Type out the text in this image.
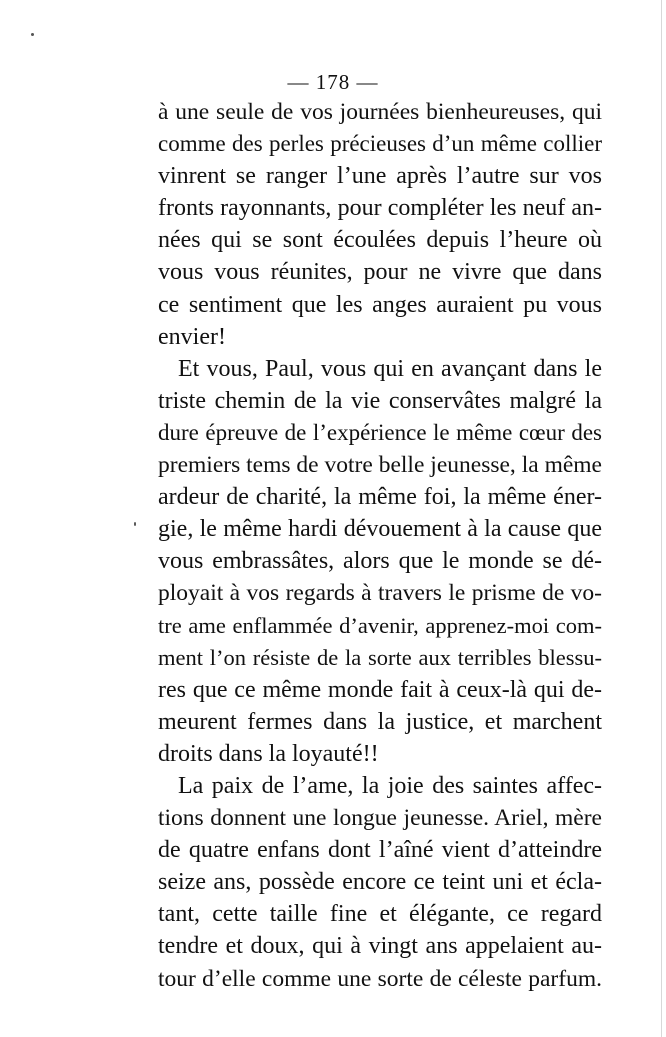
— 178 —
à une seule de vos journées bienheureuses, qui
comme des perles précieuses d’un même collier
vinrent se ranger l’une après l’autre sur vos
fronts rayonnants, pour compléter les neuf an-
nées qui se sont écoulées depuis l’heure où
vous vous réunites, pour ne vivre que dans
ce sentiment que les anges auraient pu vous
envier!
Et vous, Paul, vous qui en avançant dans le
triste chemin de la vie conservâtes malgré la
dure épreuve de l’expérience le même cœur des
premiers tems de votre belle jeunesse, la même
ardeur de charité, la même foi, la même éner-
gie, le même hardi dévouement à la cause que
vous embrassâtes, alors que le monde se dé-
ployait à vos regards à travers le prisme de vo-
tre ame enflammée d’avenir, apprenez-moi com-
ment l’on résiste de la sorte aux terribles blessu-
res que ce même monde fait à ceux-là qui de-
meurent fermes dans la justice, et marchent
droits dans la loyauté!!
La paix de l’ame, la joie des saintes affec-
tions donnent une longue jeunesse. Ariel, mère
de quatre enfans dont l’aîné vient d’atteindre
seize ans, possède encore ce teint uni et écla-
tant, cette taille fine et élégante, ce regard
tendre et doux, qui à vingt ans appelaient au-
tour d’elle comme une sorte de céleste parfum.
